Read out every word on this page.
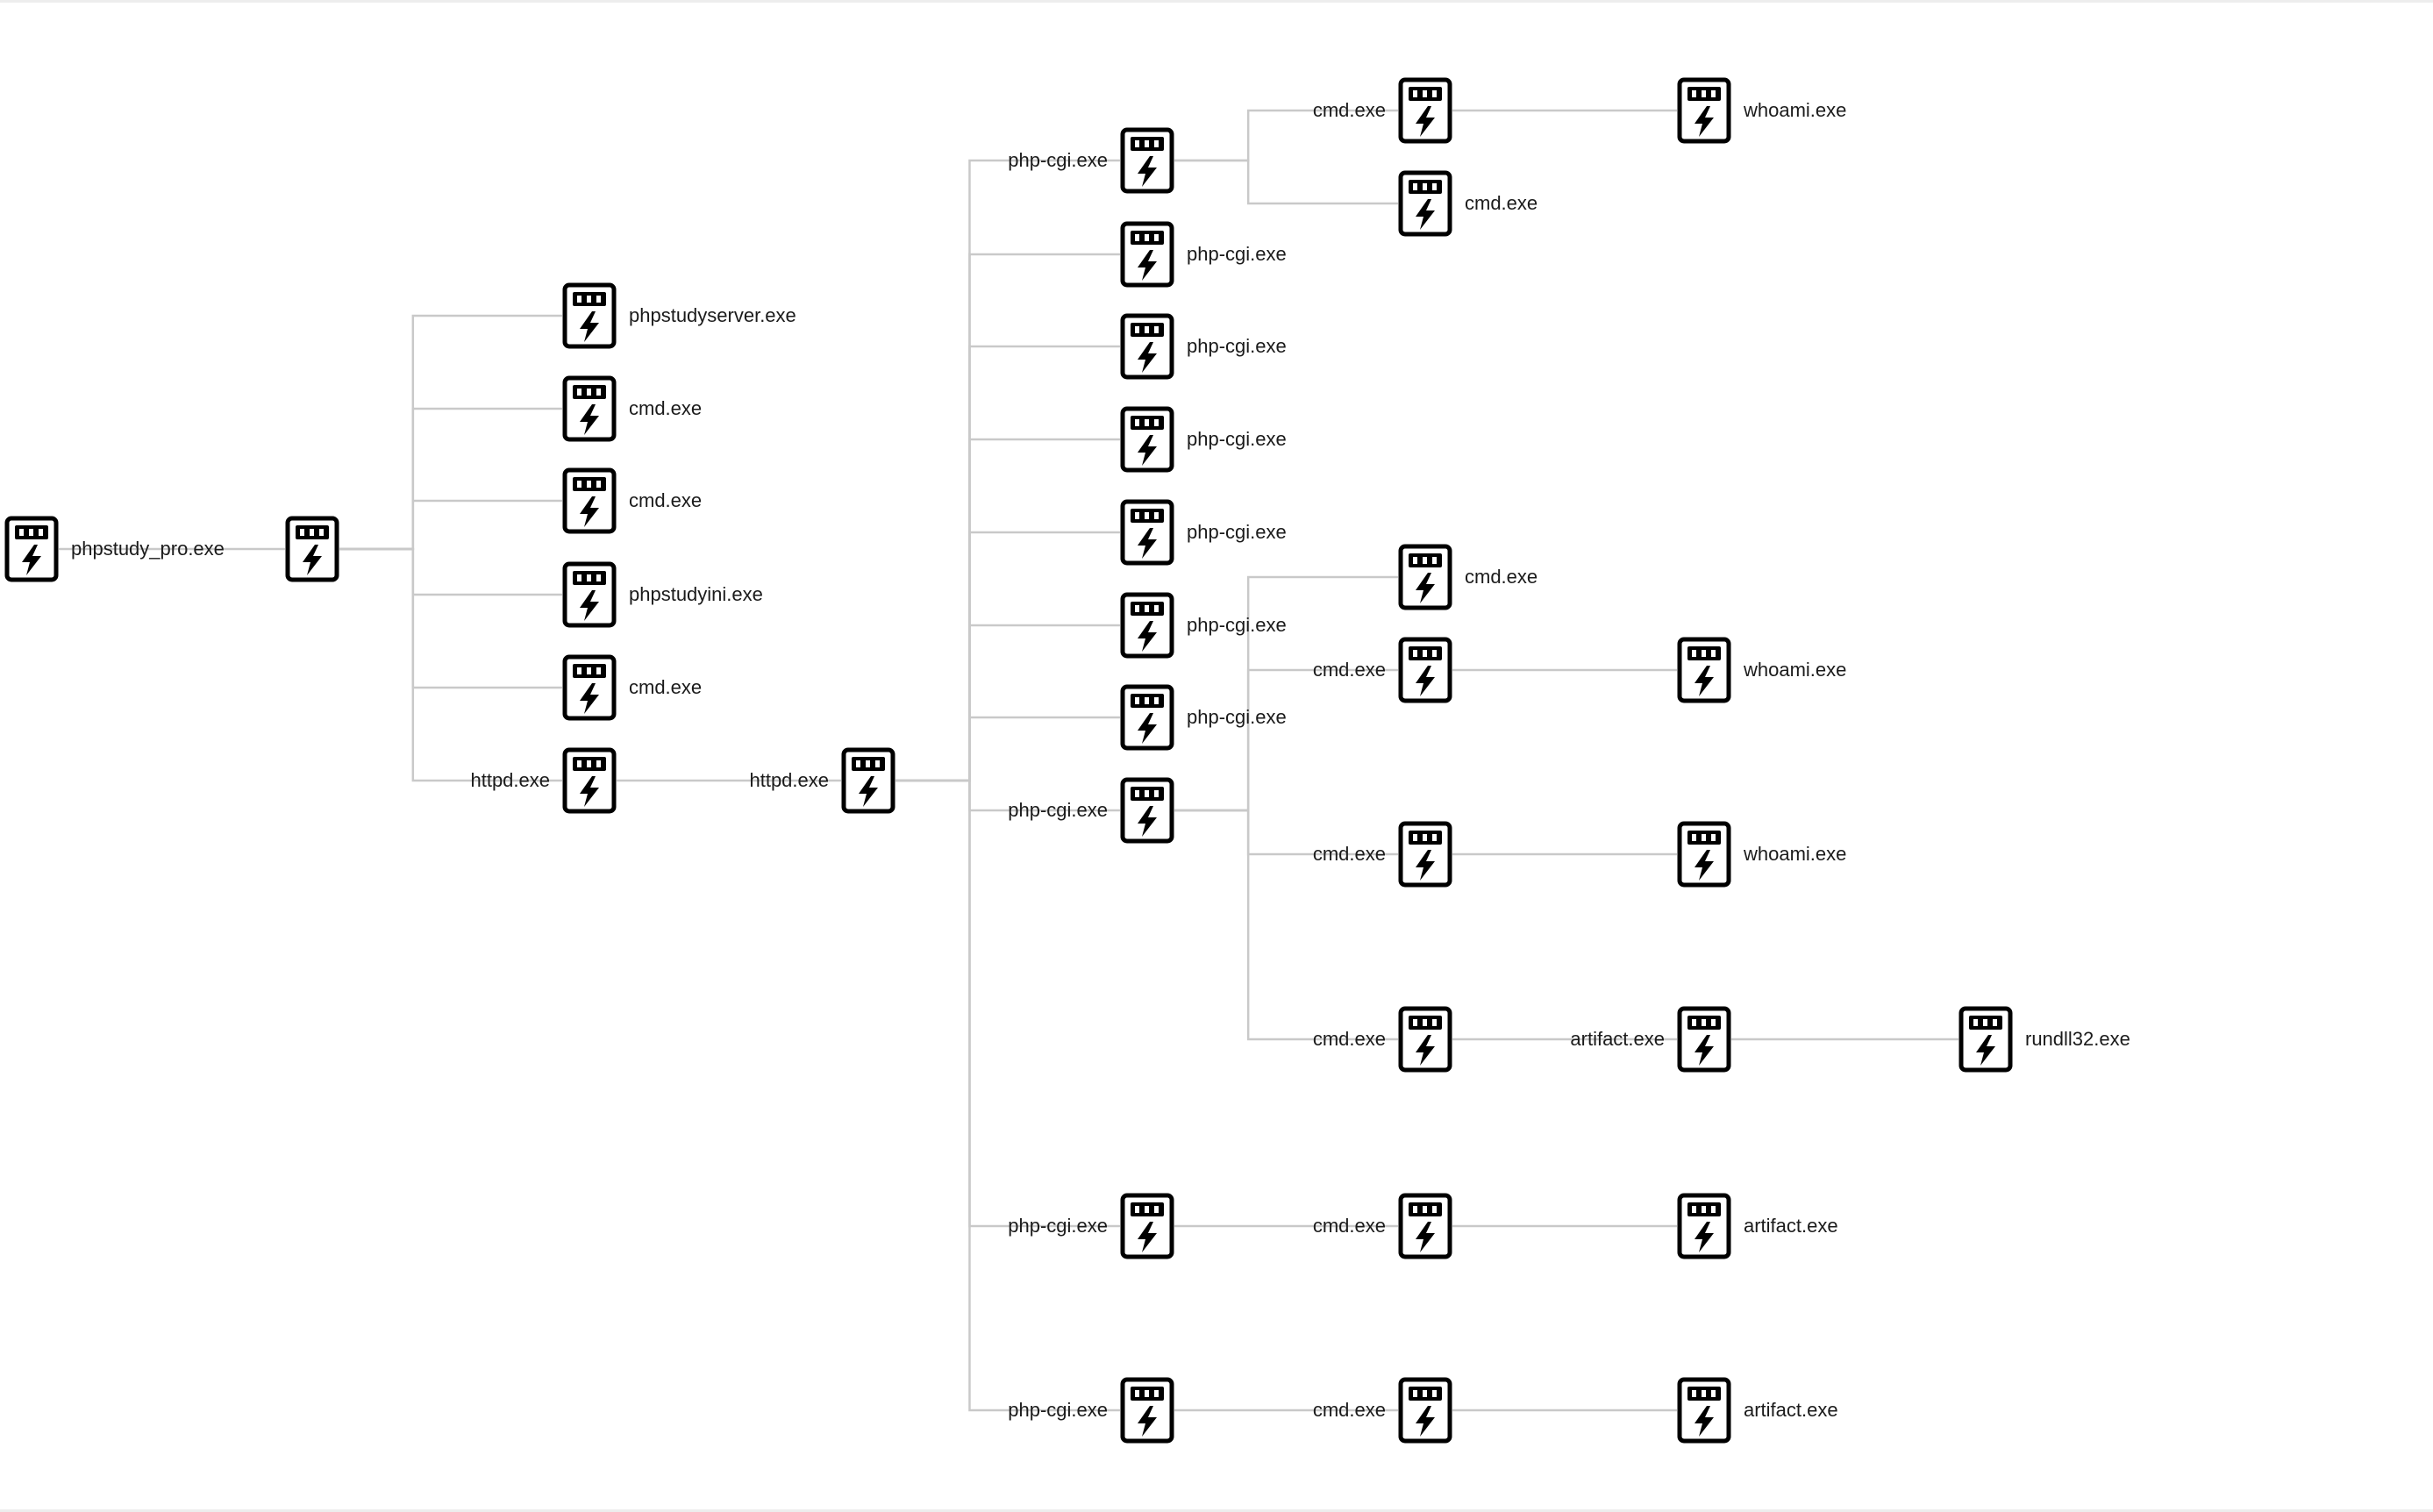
phpstudy_pro.exe
phpstudyserver.exe
cmd.exe
cmd.exe
phpstudyini.exe
cmd.exe
httpd.exe	httpd.exe
php-cgi.exe
php-cgi.exe
php-cgi.exe
php-cgi.exe
php-cgi.exe
php-cgi.exe
php-cgi.exe
php-cgi.exe
php-cgi.exe
php-cgi.exe
cmd.exe
cmd.exe
cmd.exe
cmd.exe
cmd.exe
cmd.exe
cmd.exe
cmd.exe
whoami.exe
whoami.exe
whoami.exe
artifact.exe
artifact.exe
artifact.exe
rundll32.exe
